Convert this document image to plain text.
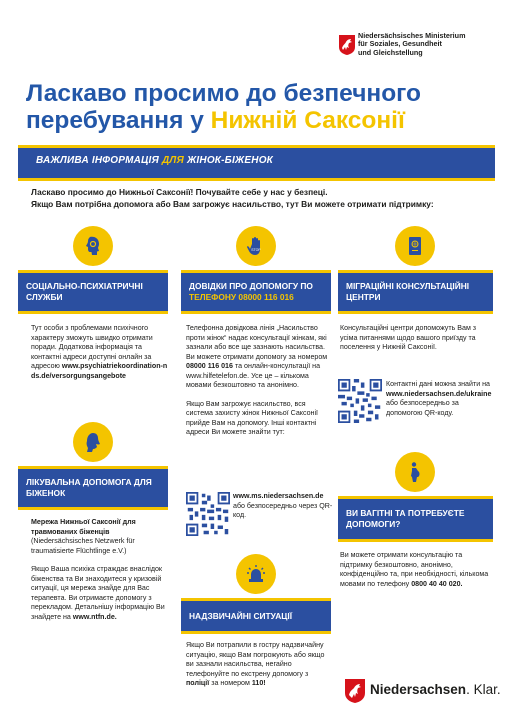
Niedersächsisches Ministerium
für Soziales, Gesundheit
und Gleichstellung
Ласкаво просимо до безпечного
перебування у Нижній Саксонії
ВАЖЛИВА ІНФОРМАЦІЯ ДЛЯ ЖІНОК-БІЖЕНОК
Ласкаво просимо до Нижньої Саксонії! Почувайте себе у нас у безпеці.
Якщо Вам потрібна допомога або Вам загрожує насильство, тут Ви можете отримати підтримку:
СОЦІАЛЬНО-ПСИХІАТРИЧНІ СЛУЖБИ
Тут особи з проблемами психічного характеру зможуть швидко отримати поради. Додаткова інформація та контактні адреси доступні онлайн за адресою www.psychiatriekoordination-nds.de/versorgungsangebote
ЛІКУВАЛЬНА ДОПОМОГА ДЛЯ БІЖЕНОК
Мережа Нижньої Саксонії для травмованих біженців (Niedersächsisches Netzwerk für traumatisierte Flüchtlinge e.V.)
Якщо Ваша психіка страждає внаслідок біженства та Ви знаходитеся у кризовій ситуації, ця мережа знайде для Вас терапевта. Ви отримаєте допомогу з перекладом. Детальнішу інформацію Ви знайдете на www.ntfn.de.
STOP
ДОВІДКИ ПРО ДОПОМОГУ ПО
ТЕЛЕФОНУ 08000 116 016
Телефонна довідкова лінія „Насильство проти жінок“ надає консультації жінкам, які зазнали або все ще зазнають насильства. Ви можете отримати допомогу за номером 08000 116 016 та онлайн-консультації на www.hilfetelefon.de. Усе це – кількома мовами безкоштовно та анонімно.
Якщо Вам загрожує насильство, вся система захисту жінок Нижньої Саксонії прийде Вам на допомогу. Інші контактні адреси Ви можете знайти тут:
www.ms.niedersachsen.de
або безпосередньо через QR-код.
НАДЗВИЧАЙНІ СИТУАЦІЇ
Якщо Ви потрапили в гостру надзвичайну ситуацію, якщо Вам погрожують або якщо ви зазнали насильства, негайно телефонуйте по екстрену допомогу з поліції за номером 110!
МІГРАЦІЙНІ КОНСУЛЬТАЦІЙНІ ЦЕНТРИ
Консультаційні центри допоможуть Вам з усіма питаннями щодо вашого приїзду та поселення у Нижній Саксонії.
Контактні дані можна знайти на www.niedersachsen.de/ukraine або безпосередньо за допомогою QR-коду.
ВИ ВАГІТНІ ТА ПОТРЕБУЄТЕ ДОПОМОГИ?
Ви можете отримати консультацію та підтримку безкоштовно, анонімно, конфіденційно та, при необхідності, кількома мовами по телефону 0800 40 40 020.
Niedersachsen. Klar.
